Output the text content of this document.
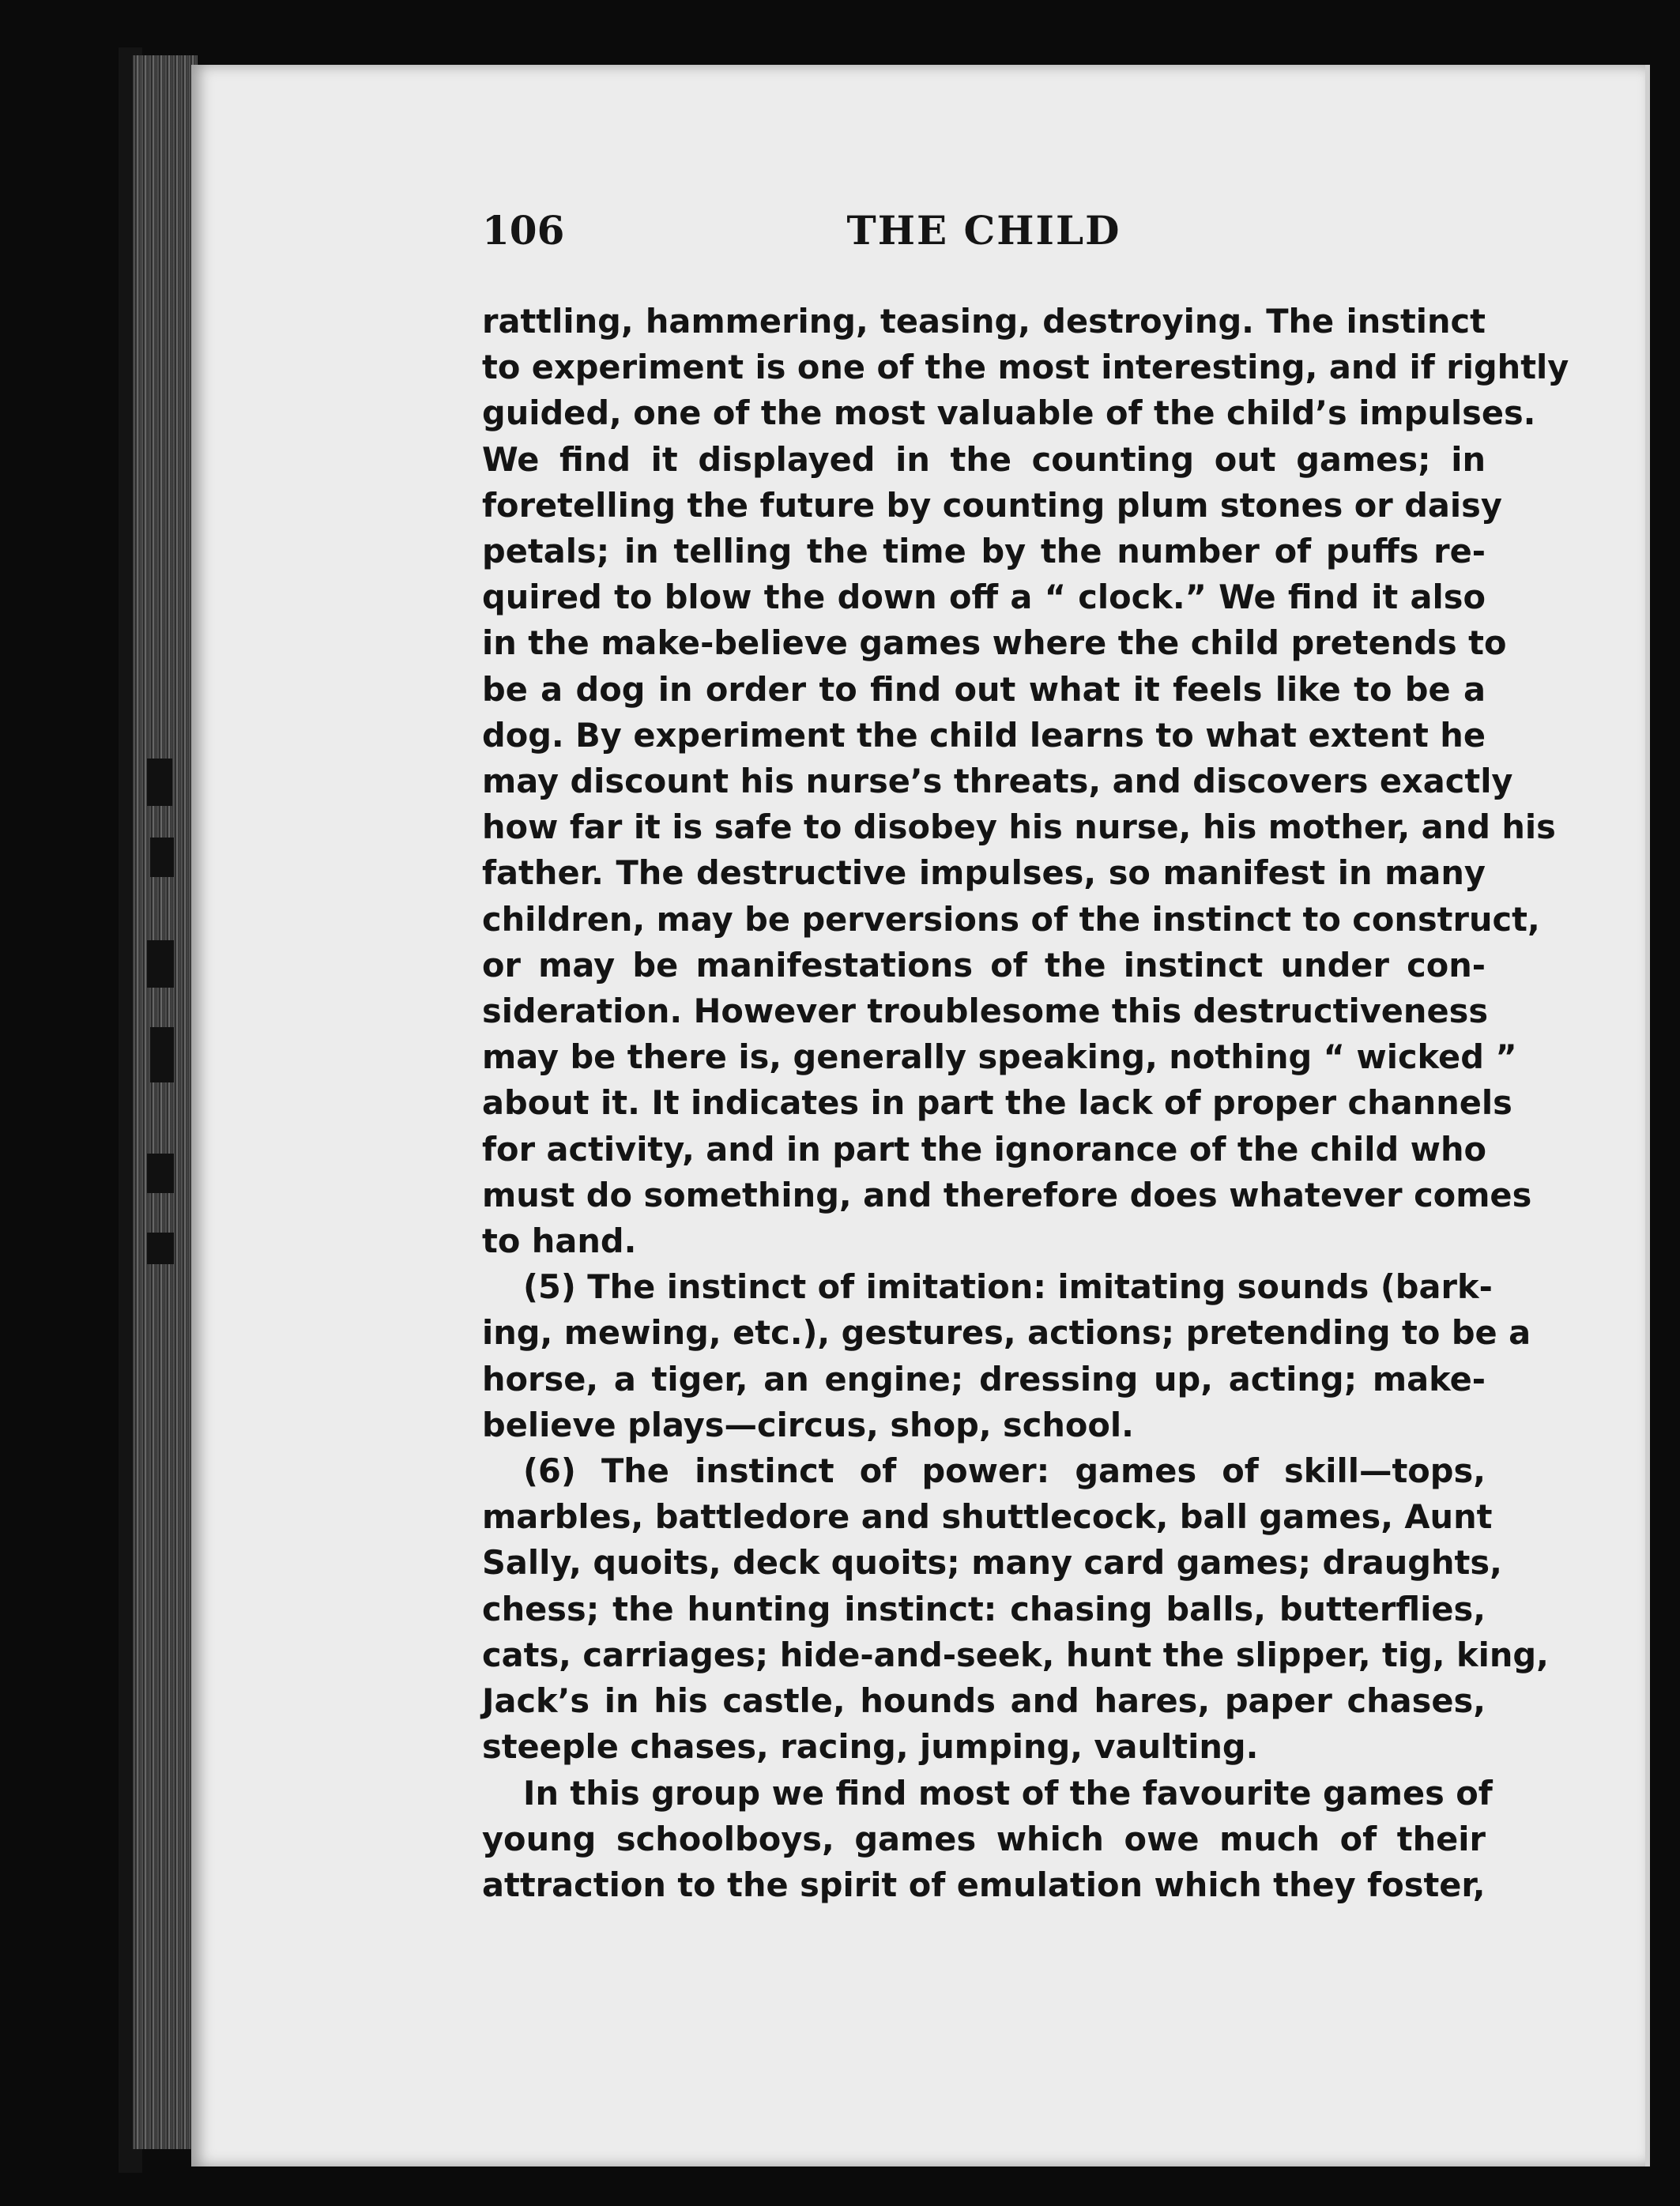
106	THE CHILD

rattling, hammering, teasing, destroying. The instinct
to experiment is one of the most interesting, and if rightly
guided, one of the most valuable of the child’s impulses.
We find it displayed in the counting out games; in
foretelling the future by counting plum stones or daisy
petals; in telling the time by the number of puffs re-
quired to blow the down off a “ clock.” We find it also
in the make-believe games where the child pretends to
be a dog in order to find out what it feels like to be a
dog. By experiment the child learns to what extent he
may discount his nurse’s threats, and discovers exactly
how far it is safe to disobey his nurse, his mother, and his
father. The destructive impulses, so manifest in many
children, may be perversions of the instinct to construct,
or may be manifestations of the instinct under con-
sideration. However troublesome this destructiveness
may be there is, generally speaking, nothing “ wicked ”
about it. It indicates in part the lack of proper channels
for activity, and in part the ignorance of the child who
must do something, and therefore does whatever comes
to hand.

(5) The instinct of imitation: imitating sounds (bark-
ing, mewing, etc.), gestures, actions; pretending to be a
horse, a tiger, an engine; dressing up, acting; make-
believe plays—circus, shop, school.

(6) The instinct of power: games of skill—tops,
marbles, battledore and shuttlecock, ball games, Aunt
Sally, quoits, deck quoits; many card games; draughts,
chess; the hunting instinct: chasing balls, butterflies,
cats, carriages; hide-and-seek, hunt the slipper, tig, king,
Jack’s in his castle, hounds and hares, paper chases,
steeple chases, racing, jumping, vaulting.

In this group we find most of the favourite games of
young schoolboys, games which owe much of their
attraction to the spirit of emulation which they foster,
